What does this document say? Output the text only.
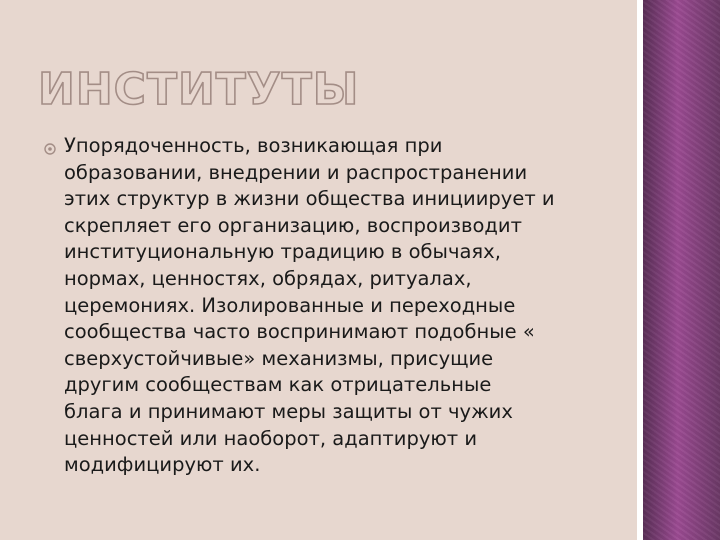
ИНСТИТУТЫ

Упорядоченность, возникающая при
образовании, внедрении и распространении
этих структур в жизни общества инициирует и
скрепляет его организацию, воспроизводит
институциональную традицию в обычаях,
нормах, ценностях, обрядах, ритуалах,
церемониях. Изолированные и переходные
сообщества часто воспринимают подобные «
сверхустойчивые» механизмы, присущие
другим сообществам как отрицательные
блага и принимают меры защиты от чужих
ценностей или наоборот, адаптируют и
модифицируют их.
